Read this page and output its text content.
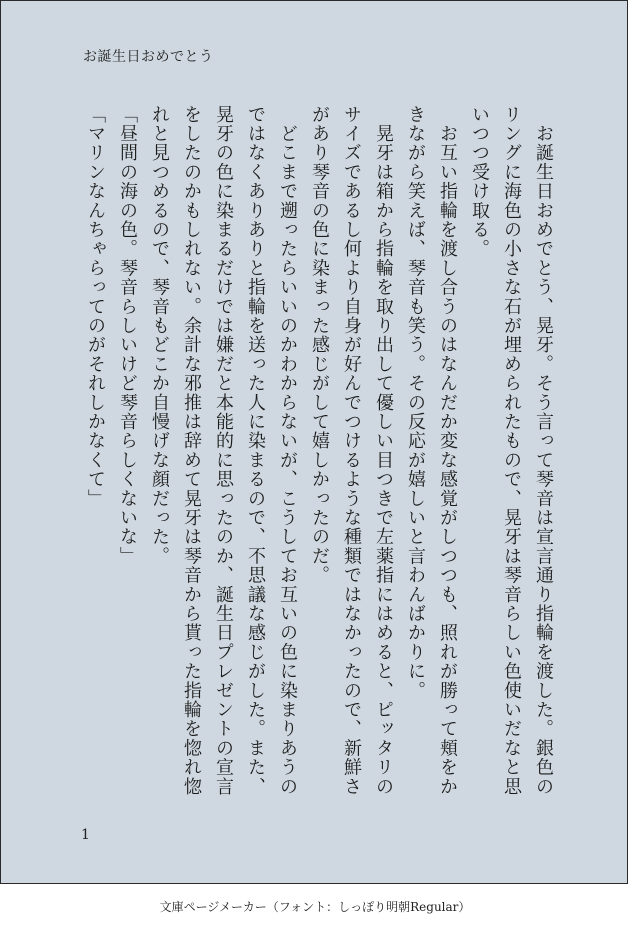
お誕生日おめでとう

　お誕生日おめでとう、晃牙。そう言って琴音は宣言通り指輪を渡した。銀色のリングに海色の小さな石が埋められたもので、晃牙は琴音らしい色使いだなと思いつつ受け取る。

　お互い指輪を渡し合うのはなんだか変な感覚がしつつも、照れが勝って頬をかきながら笑えば、琴音も笑う。その反応が嬉しいと言わんばかりに。

　晃牙は箱から指輪を取り出して優しい目つきで左薬指にはめると、ピッタリのサイズであるし何より自身が好んでつけるような種類ではなかったので、新鮮さがあり琴音の色に染まった感じがして嬉しかったのだ。

　どこまで遡ったらいいのかわからないが、こうしてお互いの色に染まりあうのではなくありありと指輪を送った人に染まるので、不思議な感じがした。また、晃牙の色に染まるだけでは嫌だと本能的に思ったのか、誕生日プレゼントの宣言をしたのかもしれない。余計な邪推は辞めて晃牙は琴音から貰った指輪を惚れ惚れと見つめるので、琴音もどこか自慢げな顔だった。

「昼間の海の色。琴音らしいけど琴音らしくないな」

「マリンなんちゃらってのがそれしかなくて」

1
文庫ページメーカー（フォント：しっぽり明朝Regular）
